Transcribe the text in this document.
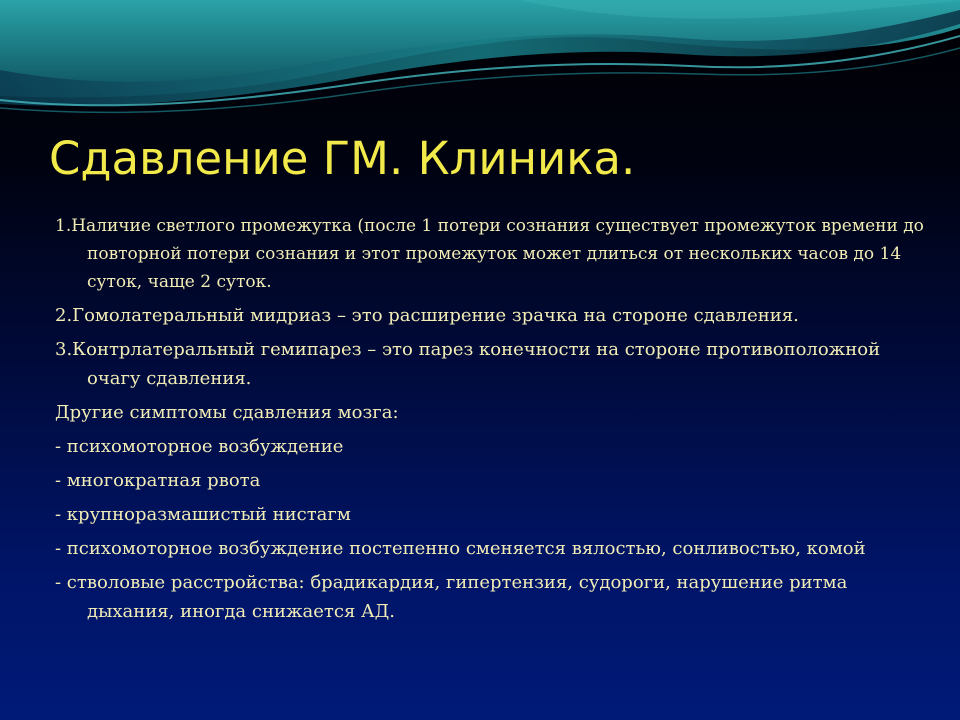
Сдавление ГМ. Клиника.

1.Наличие светлого промежутка (после 1 потери сознания существует промежуток времени до повторной потери сознания и этот промежуток может длиться от нескольких часов до 14 суток, чаще 2 суток.

2.Гомолатеральный мидриаз – это расширение зрачка на стороне сдавления.

3.Контрлатеральный гемипарез – это парез конечности на стороне противоположной очагу сдавления.

Другие симптомы сдавления мозга:

- психомоторное возбуждение

- многократная рвота

- крупноразмашистый нистагм

- психомоторное возбуждение постепенно сменяется вялостью, сонливостью, комой

- стволовые расстройства: брадикардия, гипертензия, судороги, нарушение ритма дыхания, иногда снижается АД.
